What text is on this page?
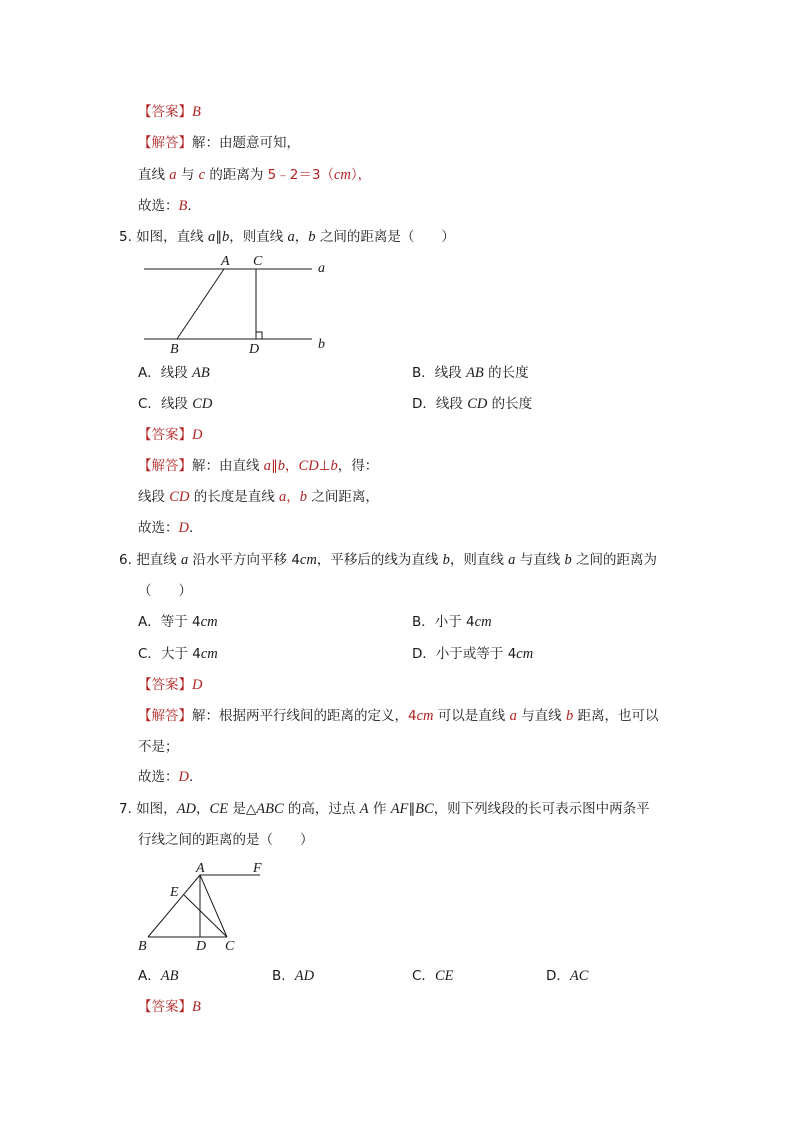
【答案】B
【解答】解：由题意可知，
直线 a 与 c 的距离为 5﹣2＝3（cm），
故选：B.
5. 如图，直线 a∥b，则直线 a，b 之间的距离是（　　）
A C	a
B	D	b
A．线段 AB	B．线段 AB 的长度
C．线段 CD	D．线段 CD 的长度
【答案】D
【解答】解：由直线 a∥b，CD⊥b，得：
线段 CD 的长度是直线 a，b 之间距离，
故选：D.
6. 把直线 a 沿水平方向平移 4cm，平移后的线为直线 b，则直线 a 与直线 b 之间的距离为
（　　）
A．等于 4cm	B．小于 4cm
C．大于 4cm	D．小于或等于 4cm
【答案】D
【解答】解：根据两平行线间的距离的定义，4cm 可以是直线 a 与直线 b 距离，也可以
不是；
故选：D.
7. 如图，AD，CE 是△ABC 的高，过点 A 作 AF∥BC，则下列线段的长可表示图中两条平
行线之间的距离的是（　　）
A	F
E
B	D C
A．AB	B．AD	C．CE	D．AC
【答案】B
